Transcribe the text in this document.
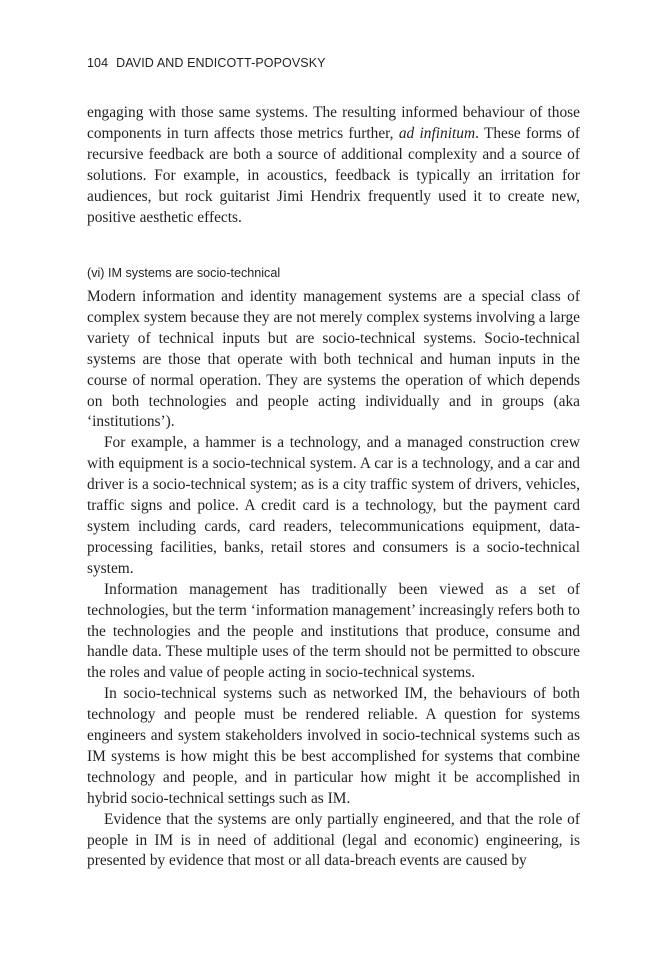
104 DAVID AND ENDICOTT-POPOVSKY

engaging with those same systems. The resulting informed behaviour of those components in turn affects those metrics further, ad infinitum. These forms of recursive feedback are both a source of additional complexity and a source of solutions. For example, in acoustics, feedback is typically an irritation for audiences, but rock guitarist Jimi Hendrix frequently used it to create new, positive aesthetic effects.

(vi) IM systems are socio-technical

Modern information and identity management systems are a special class of complex system because they are not merely complex systems involving a large variety of technical inputs but are socio-technical systems. Socio-technical systems are those that operate with both technical and human inputs in the course of normal operation. They are systems the operation of which depends on both technologies and people acting individually and in groups (aka ‘institutions’).

For example, a hammer is a technology, and a managed construction crew with equipment is a socio-technical system. A car is a technology, and a car and driver is a socio-technical system; as is a city traffic system of drivers, vehicles, traffic signs and police. A credit card is a technology, but the payment card system including cards, card readers, telecommunications equipment, data-processing facilities, banks, retail stores and consumers is a socio-technical system.

Information management has traditionally been viewed as a set of technologies, but the term ‘information management’ increasingly refers both to the technologies and the people and institutions that produce, consume and handle data. These multiple uses of the term should not be permitted to obscure the roles and value of people acting in socio-technical systems.

In socio-technical systems such as networked IM, the behaviours of both technology and people must be rendered reliable. A question for systems engineers and system stakeholders involved in socio-technical systems such as IM systems is how might this be best accomplished for systems that combine technology and people, and in particular how might it be accomplished in hybrid socio-technical settings such as IM.

Evidence that the systems are only partially engineered, and that the role of people in IM is in need of additional (legal and economic) engineering, is presented by evidence that most or all data-breach events are caused by
